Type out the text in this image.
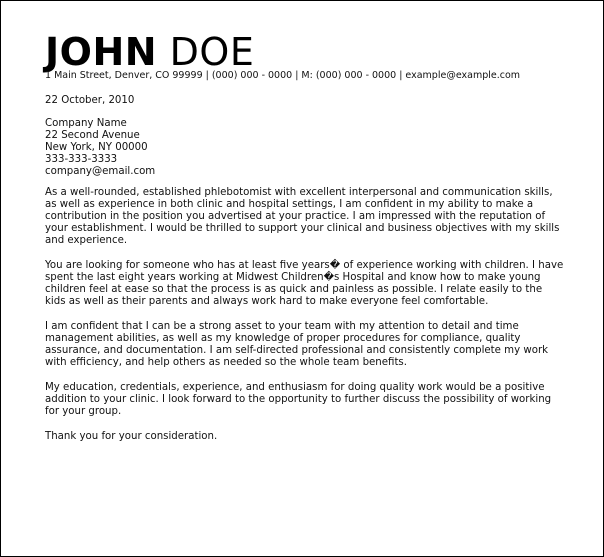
JOHN DOE
1 Main Street, Denver, CO 99999 | (000) 000 - 0000 | M: (000) 000 - 0000 | example@example.com
22 October, 2010
Company Name
22 Second Avenue
New York, NY 00000
333-333-3333
company@email.com

As a well-rounded, established phlebotomist with excellent interpersonal and communication skills, as well as experience in both clinic and hospital settings, I am confident in my ability to make a contribution in the position you advertised at your practice. I am impressed with the reputation of your establishment. I would be thrilled to support your clinical and business objectives with my skills and experience.

You are looking for someone who has at least five years� of experience working with children. I have spent the last eight years working at Midwest Children�s Hospital and know how to make young children feel at ease so that the process is as quick and painless as possible. I relate easily to the kids as well as their parents and always work hard to make everyone feel comfortable.

I am confident that I can be a strong asset to your team with my attention to detail and time management abilities, as well as my knowledge of proper procedures for compliance, quality assurance, and documentation. I am self-directed professional and consistently complete my work with efficiency, and help others as needed so the whole team benefits.

My education, credentials, experience, and enthusiasm for doing quality work would be a positive addition to your clinic. I look forward to the opportunity to further discuss the possibility of working for your group.

Thank you for your consideration.
